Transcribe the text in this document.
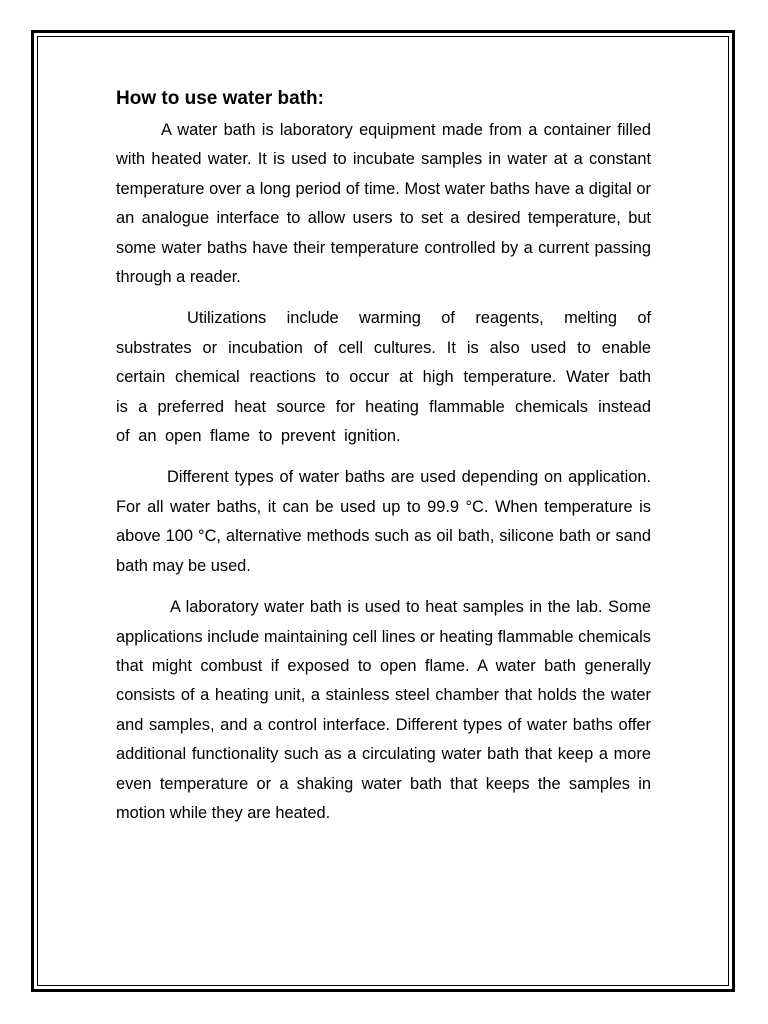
How to use water bath:

A water bath is laboratory equipment made from a container filled with heated water. It is used to incubate samples in water at a constant temperature over a long period of time. Most water baths have a digital or an analogue interface to allow users to set a desired temperature, but some water baths have their temperature controlled by a current passing through a reader.

Utilizations include warming of reagents, melting of substrates or incubation of cell cultures. It is also used to enable certain chemical reactions to occur at high temperature. Water bath is a preferred heat source for heating flammable chemicals instead of an open flame to prevent ignition.

Different types of water baths are used depending on application. For all water baths, it can be used up to 99.9 °C. When temperature is above 100 °C, alternative methods such as oil bath, silicone bath or sand bath may be used.

A laboratory water bath is used to heat samples in the lab. Some applications include maintaining cell lines or heating flammable chemicals that might combust if exposed to open flame. A water bath generally consists of a heating unit, a stainless steel chamber that holds the water and samples, and a control interface. Different types of water baths offer additional functionality such as a circulating water bath that keep a more even temperature or a shaking water bath that keeps the samples in motion while they are heated.
